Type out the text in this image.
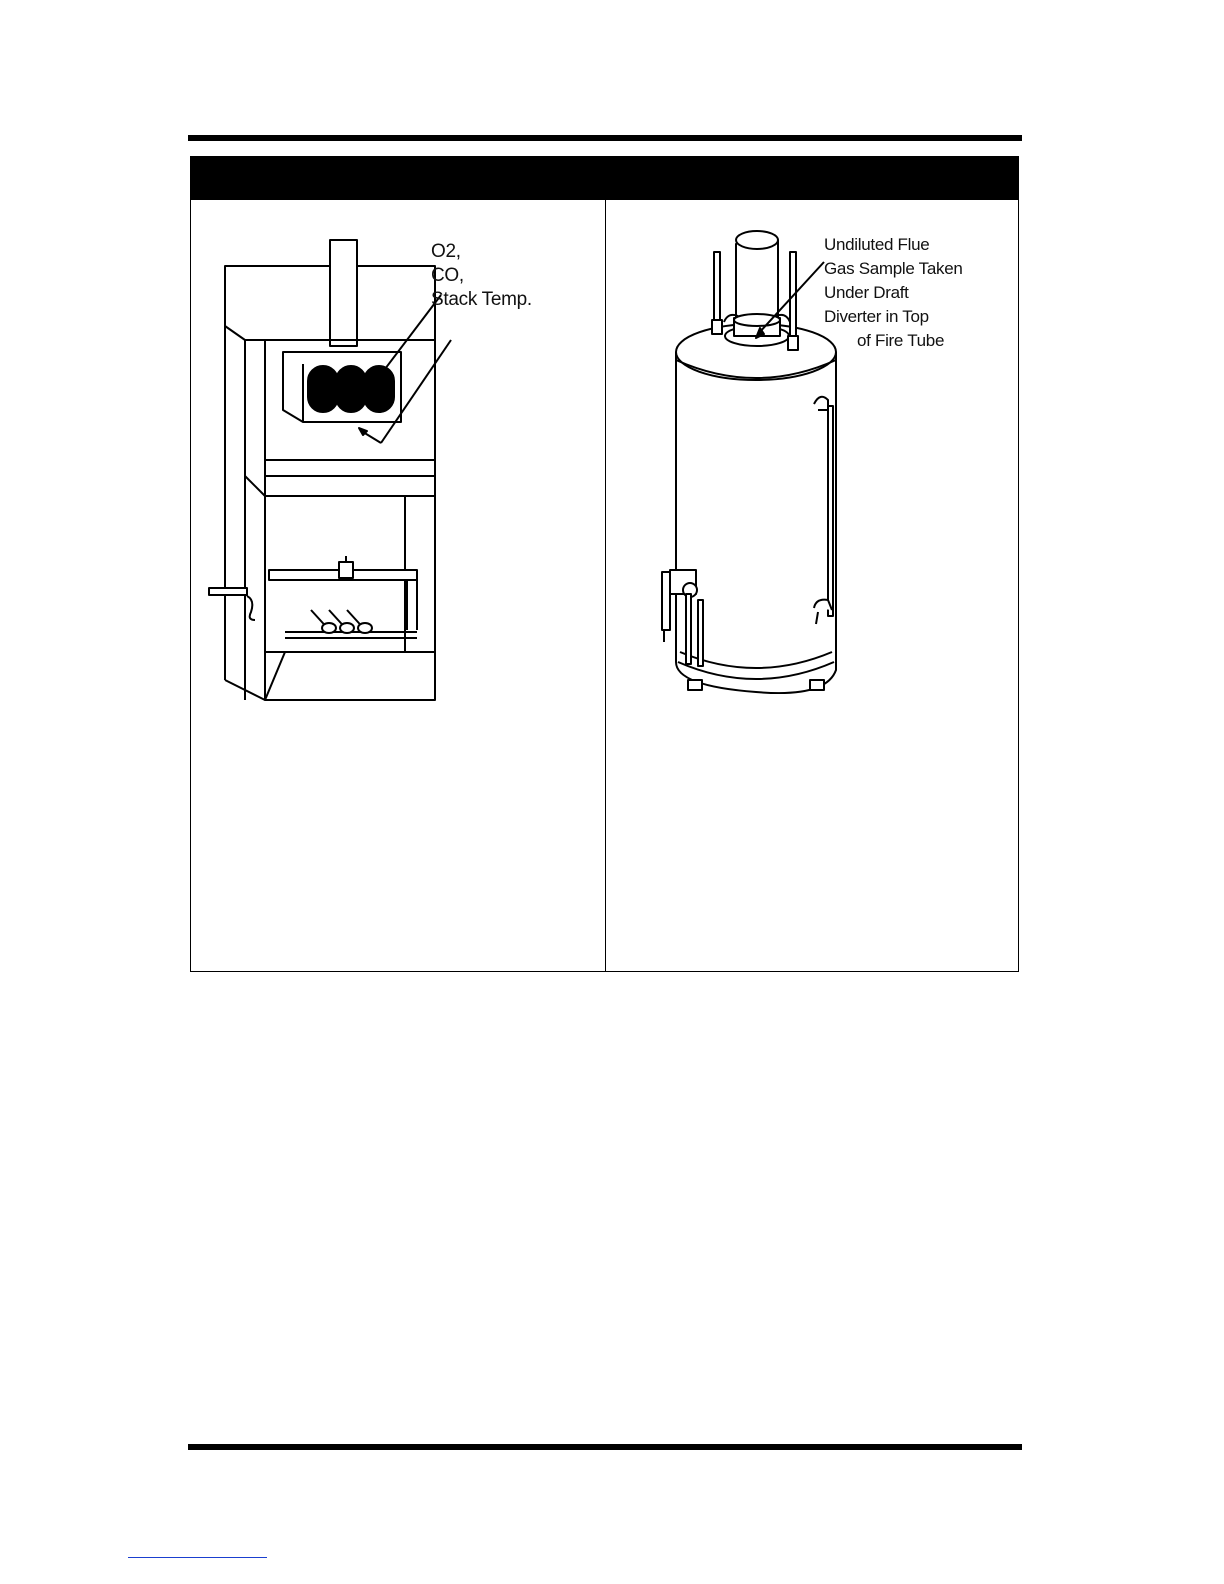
O2,
CO,
Stack Temp.
Undiluted Flue
Gas Sample Taken
Under Draft
Diverter in Top
of Fire Tube
